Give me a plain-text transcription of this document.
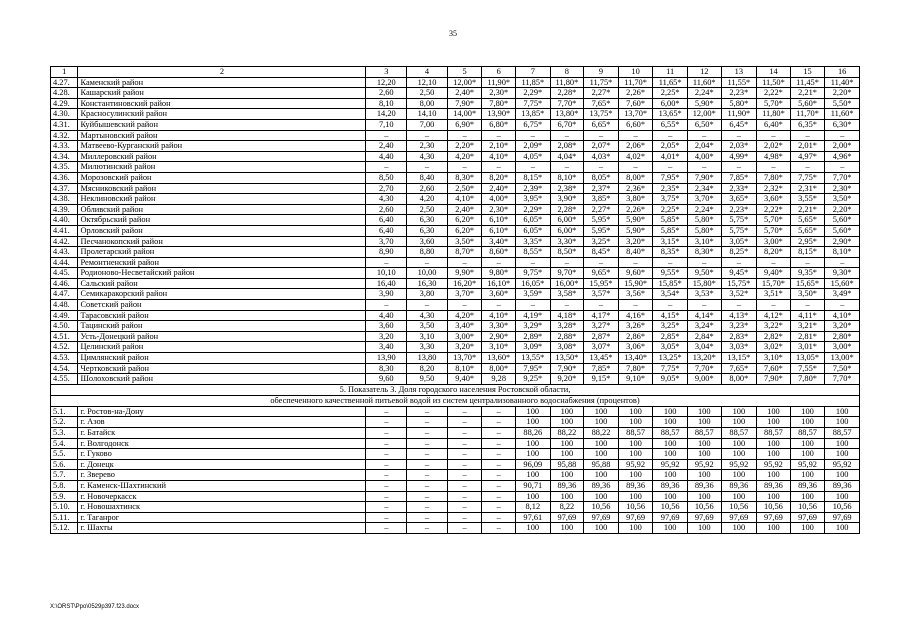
35
1	2	3	4	5	6	7	8	9	10	11	12	13	14	15	16
4.27.	Каменский район	12,20	12,10	12,00*	11,90*	11,85*	11,80*	11,75*	11,70*	11,65*	11,60*	11,55*	11,50*	11,45*	11,40*
4.28.	Кашарский район	2,60	2,50	2,40*	2,30*	2,29*	2,28*	2,27*	2,26*	2,25*	2,24*	2,23*	2,22*	2,21*	2,20*
4.29.	Константиновский район	8,10	8,00	7,90*	7,80*	7,75*	7,70*	7,65*	7,60*	6,00*	5,90*	5,80*	5,70*	5,60*	5,50*
4.30.	Красносулинский район	14,20	14,10	14,00*	13,90*	13,85*	13,80*	13,75*	13,70*	13,65*	12,00*	11,90*	11,80*	11,70*	11,60*
4.31.	Куйбышевский район	7,10	7,00	6,90*	6,80*	6,75*	6,70*	6,65*	6,60*	6,55*	6,50*	6,45*	6,40*	6,35*	6,30*
4.32.	Мартыновский район	–	–	–	–	–	–	–	–	–	–	–	–	–	–
4.33.	Матвеево-Курганский район	2,40	2,30	2,20*	2,10*	2,09*	2,08*	2,07*	2,06*	2,05*	2,04*	2,03*	2,02*	2,01*	2,00*
4.34.	Миллеровский район	4,40	4,30	4,20*	4,10*	4,05*	4,04*	4,03*	4,02*	4,01*	4,00*	4,99*	4,98*	4,97*	4,96*
4.35.	Милютинский район	–	–	–	–	–	–	–	–	–	–	–	–	–	–
4.36.	Морозовский район	8,50	8,40	8,30*	8,20*	8,15*	8,10*	8,05*	8,00*	7,95*	7,90*	7,85*	7,80*	7,75*	7,70*
4.37.	Мясниковский район	2,70	2,60	2,50*	2,40*	2,39*	2,38*	2,37*	2,36*	2,35*	2,34*	2,33*	2,32*	2,31*	2,30*
4.38.	Неклиновский район	4,30	4,20	4,10*	4,00*	3,95*	3,90*	3,85*	3,80*	3,75*	3,70*	3,65*	3,60*	3,55*	3,50*
4.39.	Обливский район	2,60	2,50	2,40*	2,30*	2,29*	2,28*	2,27*	2,26*	2,25*	2,24*	2,23*	2,22*	2,21*	2,20*
4.40.	Октябрьский район	6,40	6,30	6,20*	6,10*	6,05*	6,00*	5,95*	5,90*	5,85*	5,80*	5,75*	5,70*	5,65*	5,60*
4.41.	Орловский район	6,40	6,30	6,20*	6,10*	6,05*	6,00*	5,95*	5,90*	5,85*	5,80*	5,75*	5,70*	5,65*	5,60*
4.42.	Песчанокопский район	3,70	3,60	3,50*	3,40*	3,35*	3,30*	3,25*	3,20*	3,15*	3,10*	3,05*	3,00*	2,95*	2,90*
4.43.	Пролетарский район	8,90	8,80	8,70*	8,60*	8,55*	8,50*	8,45*	8,40*	8,35*	8,30*	8,25*	8,20*	8,15*	8,10*
4.44.	Ремонтненский район	–	–	–	–	–	–	–	–	–	–	–	–	–	–
4.45.	Родионово-Несветайский район	10,10	10,00	9,90*	9,80*	9,75*	9,70*	9,65*	9,60*	9,55*	9,50*	9,45*	9,40*	9,35*	9,30*
4.46.	Сальский район	16,40	16,30	16,20*	16,10*	16,05*	16,00*	15,95*	15,90*	15,85*	15,80*	15,75*	15,70*	15,65*	15,60*
4.47.	Семикаракорский район	3,90	3,80	3,70*	3,60*	3,59*	3,58*	3,57*	3,56*	3,54*	3,53*	3,52*	3,51*	3,50*	3,49*
4.48.	Советский район	–	–	–	–	–	–	–	–	–	–	–	–	–	–
4.49.	Тарасовский район	4,40	4,30	4,20*	4,10*	4,19*	4,18*	4,17*	4,16*	4,15*	4,14*	4,13*	4,12*	4,11*	4,10*
4.50.	Тацинский район	3,60	3,50	3,40*	3,30*	3,29*	3,28*	3,27*	3,26*	3,25*	3,24*	3,23*	3,22*	3,21*	3,20*
4.51.	Усть-Донецкий район	3,20	3,10	3,00*	2,90*	2,89*	2,88*	2,87*	2,86*	2,85*	2,84*	2,83*	2,82*	2,81*	2,80*
4.52.	Целинский район	3,40	3,30	3,20*	3,10*	3,09*	3,08*	3,07*	3,06*	3,05*	3,04*	3,03*	3,02*	3,01*	3,00*
4.53.	Цимлянский район	13,90	13,80	13,70*	13,60*	13,55*	13,50*	13,45*	13,40*	13,25*	13,20*	13,15*	3,10*	13,05*	13,00*
4.54.	Чертковский район	8,30	8,20	8,10*	8,00*	7,95*	7,90*	7,85*	7,80*	7,75*	7,70*	7,65*	7,60*	7,55*	7,50*
4.55.	Шолоховский район	9,60	9,50	9,40*	9,28	9,25*	9,20*	9,15*	9,10*	9,05*	9,00*	8,00*	7,90*	7,80*	7,70*
5. Показатель 3. Доля городского населения Ростовской области,															
обеспеченного качественной питьевой водой из систем централизованного водоснабжения (процентов)															
5.1.	г. Ростов-на-Дону	–	–	–	–	100	100	100	100	100	100	100	100	100	100
5.2.	г. Азов	–	–	–	–	100	100	100	100	100	100	100	100	100	100
5.3.	г. Батайск	–	–	–	–	88,26	88,22	88,22	88,57	88,57	88,57	88,57	88,57	88,57	88,57
5.4.	г. Волгодонск	–	–	–	–	100	100	100	100	100	100	100	100	100	100
5.5.	г. Гуково	–	–	–	–	100	100	100	100	100	100	100	100	100	100
5.6.	г. Донецк	–	–	–	–	96,09	95,88	95,88	95,92	95,92	95,92	95,92	95,92	95,92	95,92
5.7.	г. Зверево	–	–	–	–	100	100	100	100	100	100	100	100	100	100
5.8.	г. Каменск-Шахтинский	–	–	–	–	90,71	89,36	89,36	89,36	89,36	89,36	89,36	89,36	89,36	89,36
5.9.	г. Новочеркасск	–	–	–	–	100	100	100	100	100	100	100	100	100	100
5.10.	г. Новошахтинск	–	–	–	–	8,12	8,22	10,56	10,56	10,56	10,56	10,56	10,56	10,56	10,56
5.11.	г. Таганрог	–	–	–	–	97,61	97,69	97,69	97,69	97,69	97,69	97,69	97,69	97,69	97,69
5.12.	г. Шахты	–	–	–	–	100	100	100	100	100	100	100	100	100	100
X:\ORST\Ppo\0529p397.f23.docx
